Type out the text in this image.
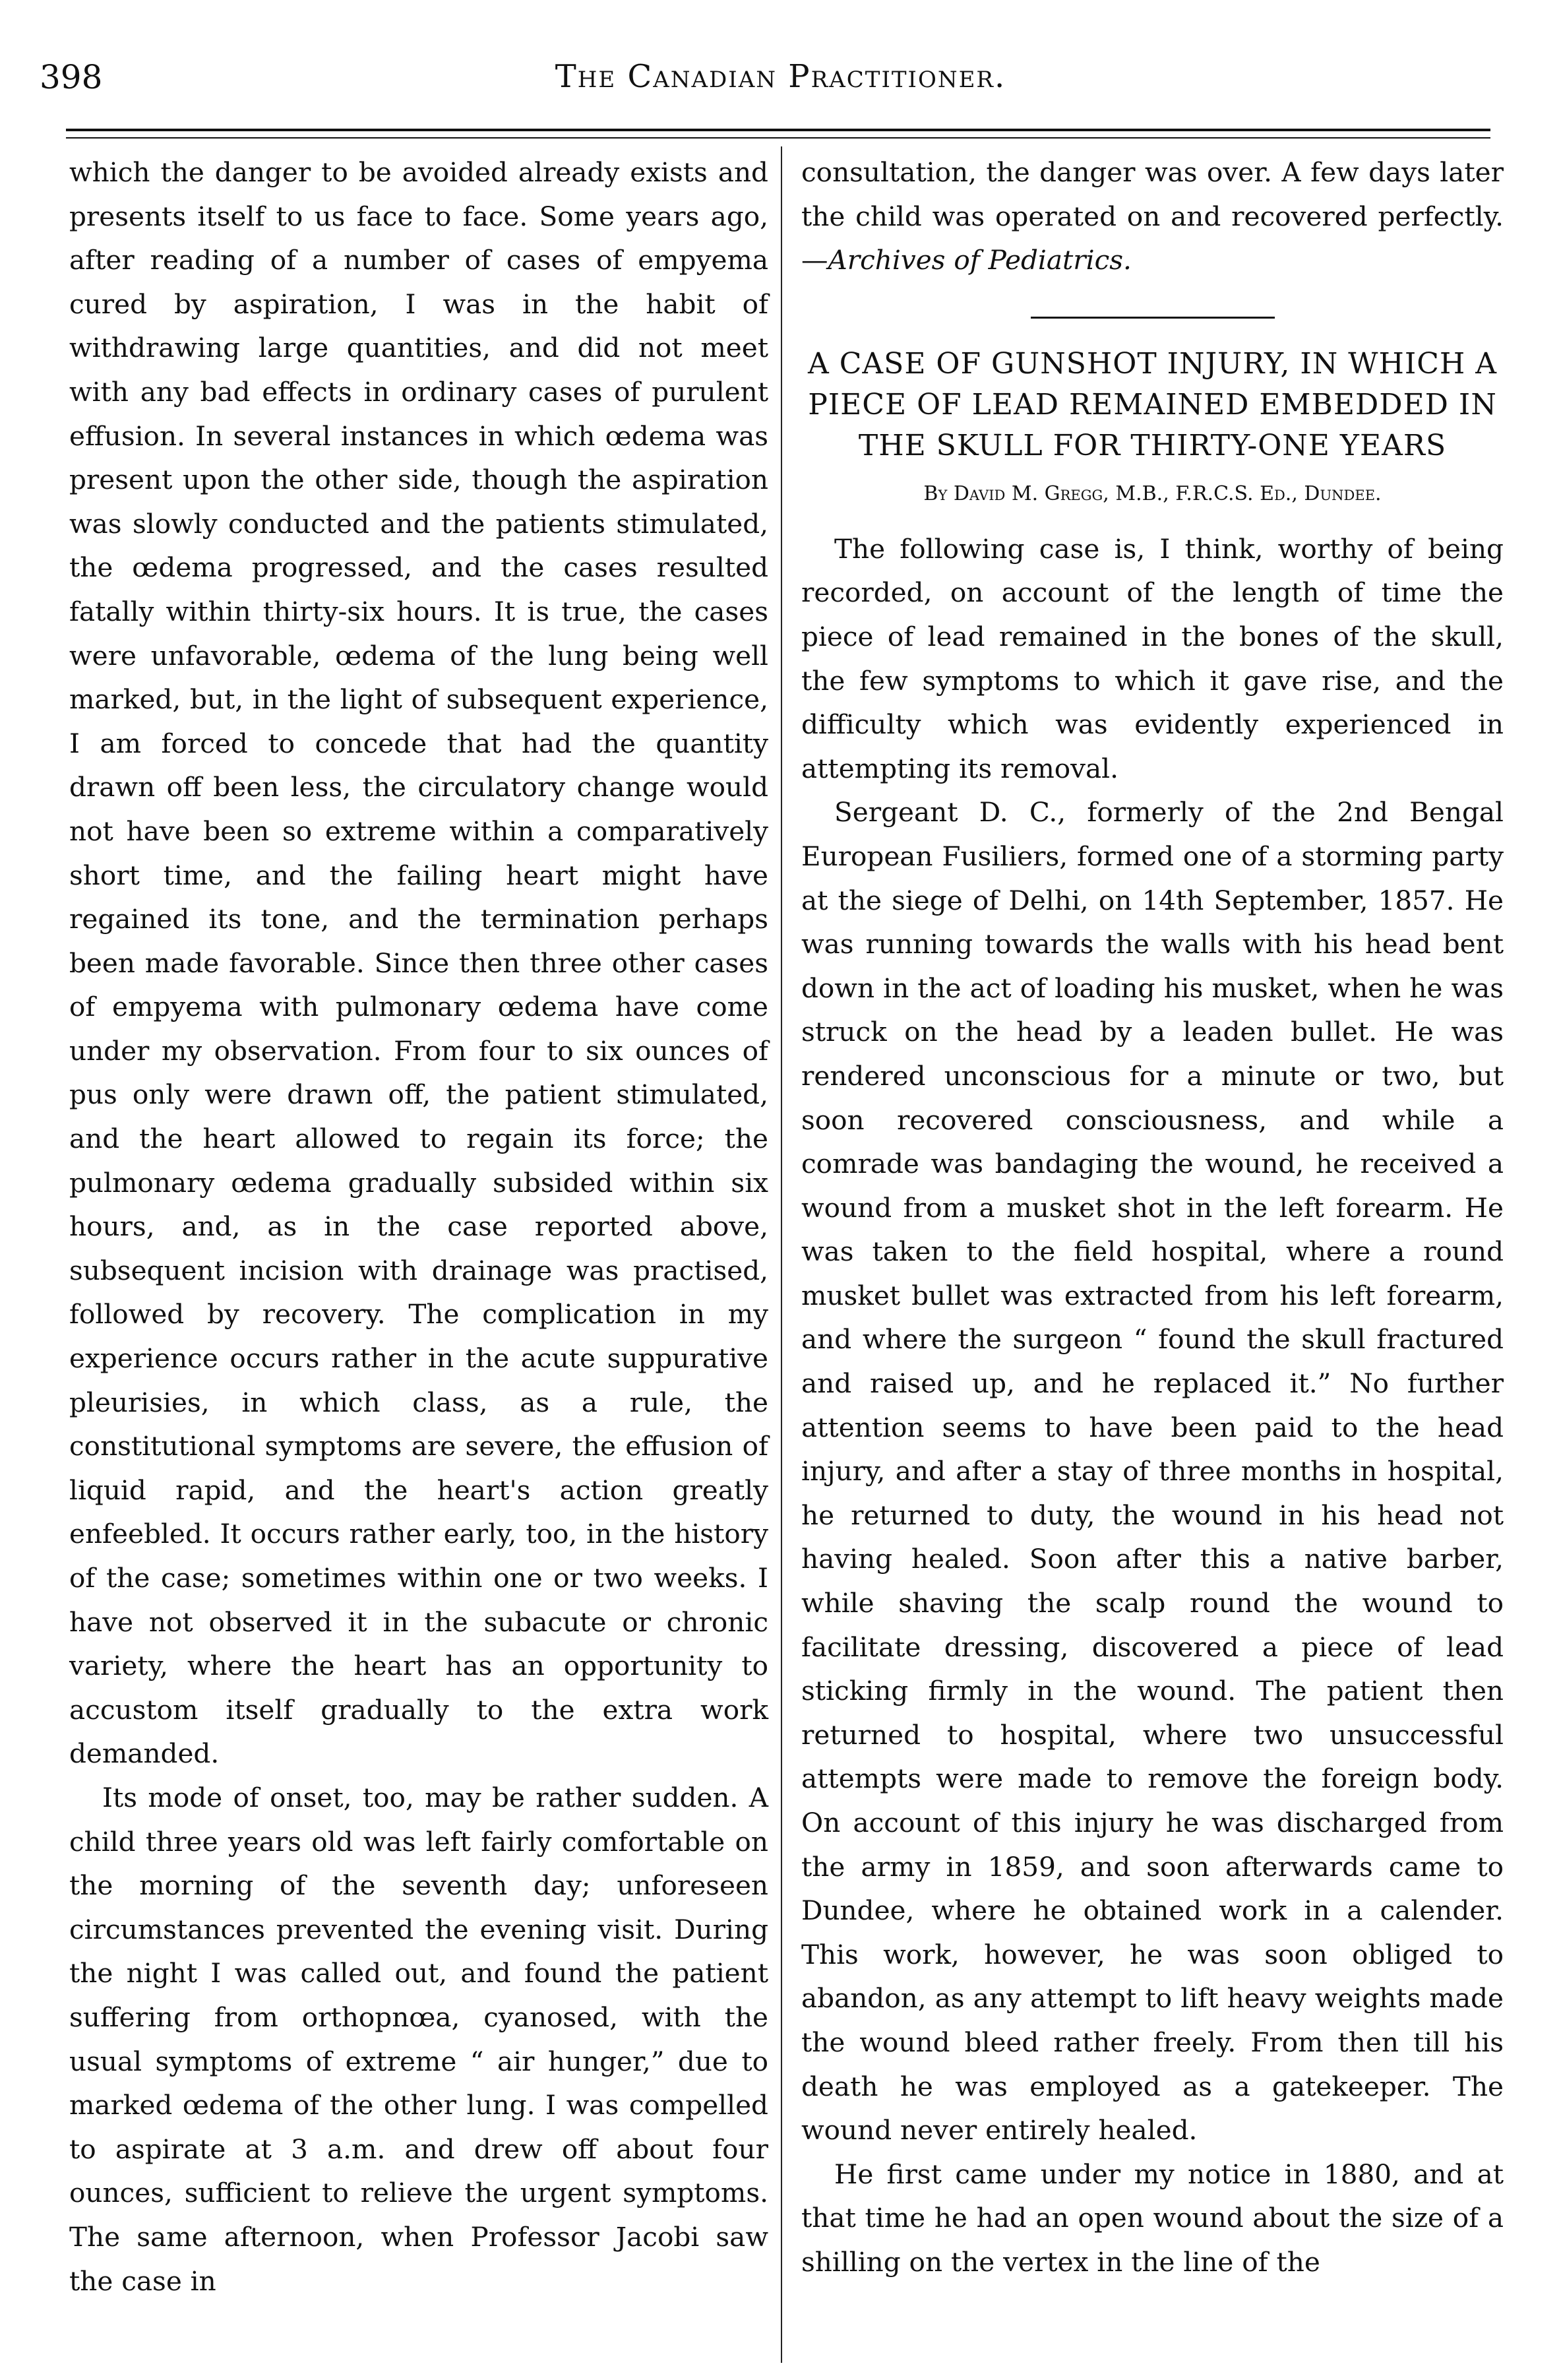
398	The Canadian Practitioner.

which the danger to be avoided already exists and presents itself to us face to face. Some years ago, after reading of a number of cases of empyema cured by aspiration, I was in the habit of withdrawing large quantities, and did not meet with any bad effects in ordinary cases of purulent effusion. In several instances in which œdema was present upon the other side, though the aspiration was slowly conducted and the patients stimulated, the œdema progressed, and the cases resulted fatally within thirty-six hours. It is true, the cases were unfavorable, œdema of the lung being well marked, but, in the light of subsequent experience, I am forced to concede that had the quantity drawn off been less, the circulatory change would not have been so extreme within a comparatively short time, and the failing heart might have regained its tone, and the termination perhaps been made favorable. Since then three other cases of empyema with pulmonary œdema have come under my observation. From four to six ounces of pus only were drawn off, the patient stimulated, and the heart allowed to regain its force; the pulmonary œdema gradually subsided within six hours, and, as in the case reported above, subsequent incision with drainage was practised, followed by recovery. The complication in my experience occurs rather in the acute suppurative pleurisies, in which class, as a rule, the constitutional symptoms are severe, the effusion of liquid rapid, and the heart's action greatly enfeebled. It occurs rather early, too, in the history of the case; sometimes within one or two weeks. I have not observed it in the subacute or chronic variety, where the heart has an opportunity to accustom itself gradually to the extra work demanded.

Its mode of onset, too, may be rather sudden. A child three years old was left fairly comfortable on the morning of the seventh day; unforeseen circumstances prevented the evening visit. During the night I was called out, and found the patient suffering from orthopnœa, cyanosed, with the usual symptoms of extreme “ air hunger,” due to marked œdema of the other lung. I was compelled to aspirate at 3 a.m. and drew off about four ounces, sufficient to relieve the urgent symptoms. The same afternoon, when Professor Jacobi saw the case in

consultation, the danger was over. A few days later the child was operated on and recovered perfectly.—Archives of Pediatrics.

A CASE OF GUNSHOT INJURY, IN WHICH A PIECE OF LEAD REMAINED EMBEDDED IN THE SKULL FOR THIRTY-ONE YEARS
By David M. Gregg, M.B., F.R.C.S. Ed., Dundee.

The following case is, I think, worthy of being recorded, on account of the length of time the piece of lead remained in the bones of the skull, the few symptoms to which it gave rise, and the difficulty which was evidently experienced in attempting its removal.

Sergeant D. C., formerly of the 2nd Bengal European Fusiliers, formed one of a storming party at the siege of Delhi, on 14th September, 1857. He was running towards the walls with his head bent down in the act of loading his musket, when he was struck on the head by a leaden bullet. He was rendered unconscious for a minute or two, but soon recovered consciousness, and while a comrade was bandaging the wound, he received a wound from a musket shot in the left forearm. He was taken to the field hospital, where a round musket bullet was extracted from his left forearm, and where the surgeon “ found the skull fractured and raised up, and he replaced it.” No further attention seems to have been paid to the head injury, and after a stay of three months in hospital, he returned to duty, the wound in his head not having healed. Soon after this a native barber, while shaving the scalp round the wound to facilitate dressing, discovered a piece of lead sticking firmly in the wound. The patient then returned to hospital, where two unsuccessful attempts were made to remove the foreign body. On account of this injury he was discharged from the army in 1859, and soon afterwards came to Dundee, where he obtained work in a calender. This work, however, he was soon obliged to abandon, as any attempt to lift heavy weights made the wound bleed rather freely. From then till his death he was employed as a gatekeeper. The wound never entirely healed.

He first came under my notice in 1880, and at that time he had an open wound about the size of a shilling on the vertex in the line of the
